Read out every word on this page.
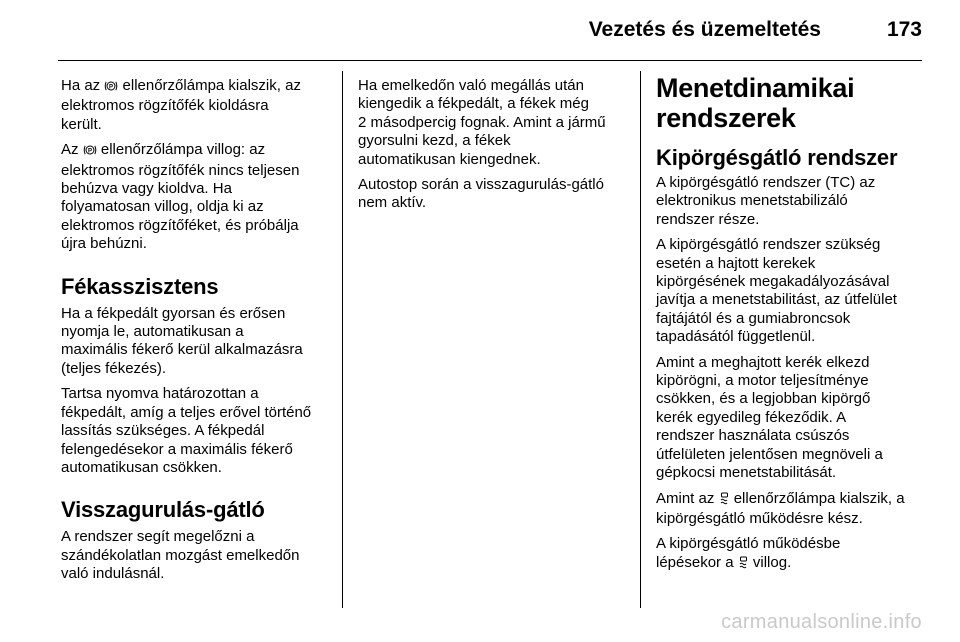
Vezetés és üzemeltetés	173

Ha az P ellenőrzőlámpa kialszik, az
elektromos rögzítőfék kioldásra
került.

Az P ellenőrzőlámpa villog: az
elektromos rögzítőfék nincs teljesen
behúzva vagy kioldva. Ha
folyamatosan villog, oldja ki az
elektromos rögzítőféket, és próbálja
újra behúzni.

Fékasszisztens

Ha a fékpedált gyorsan és erősen
nyomja le, automatikusan a
maximális fékerő kerül alkalmazásra
(teljes fékezés).

Tartsa nyomva határozottan a
fékpedált, amíg a teljes erővel történő
lassítás szükséges. A fékpedál
felengedésekor a maximális fékerő
automatikusan csökken.

Visszagurulás-gátló

A rendszer segít megelőzni a
szándékolatlan mozgást emelkedőn
való indulásnál.

Ha emelkedőn való megállás után
kiengedik a fékpedált, a fékek még
2 másodpercig fognak. Amint a jármű
gyorsulni kezd, a fékek
automatikusan kiengednek.

Autostop során a visszagurulás-gátló
nem aktív.

Menetdinamikai
rendszerek
Kipörgésgátló rendszer

A kipörgésgátló rendszer (TC) az
elektronikus menetstabilizáló
rendszer része.

A kipörgésgátló rendszer szükség
esetén a hajtott kerekek
kipörgésének megakadályozásával
javítja a menetstabilitást, az útfelület
fajtájától és a gumiabroncsok
tapadásától függetlenül.

Amint a meghajtott kerék elkezd
kipörögni, a motor teljesítménye
csökken, és a legjobban kipörgő
kerék egyedileg fékeződik. A
rendszer használata csúszós
útfelületen jelentősen megnöveli a
gépkocsi menetstabilitását.

Amint az  ellenőrzőlámpa kialszik, a
kipörgésgátló működésre kész.

A kipörgésgátló működésbe
lépésekor a  villog.

carmanualsonline.info
